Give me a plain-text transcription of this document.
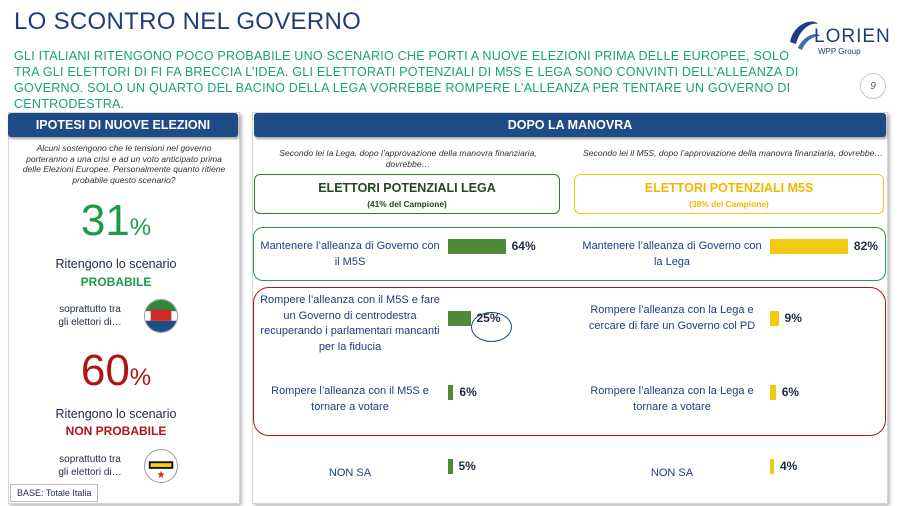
LO SCONTRO NEL GOVERNO
GLI ITALIANI RITENGONO POCO PROBABILE UNO SCENARIO CHE PORTI A NUOVE ELEZIONI PRIMA DELLE EUROPEE, SOLO TRA GLI ELETTORI DI FI FA BRECCIA L’IDEA. GLI ELETTORATI POTENZIALI DI M5S E LEGA SONO CONVINTI DELL’ALLEANZA DI GOVERNO. SOLO UN QUARTO DEL BACINO DELLA LEGA VORREBBE ROMPERE L’ALLEANZA PER TENTARE UN GOVERNO DI CENTRODESTRA.
LORIEN
WPP Group
9
IPOTESI DI NUOVE ELEZIONI
Alcuni sostengono che le tensioni nel governo porteranno a una crisi e ad un voto anticipato prima delle Elezioni Europee. Personalmente quanto ritiene probabile questo scenario?
31%
Ritengono lo scenario
PROBABILE
soprattutto tra
gli elettori di…
60%
Ritengono lo scenario
NON PROBABILE
soprattutto tra
gli elettori di…
BASE: Totale Italia
DOPO LA MANOVRA
Secondo lei la Lega, dopo l’approvazione della manovra finanziaria, dovrebbe…
Secondo lei il M5S, dopo l’approvazione della manovra finanziaria, dovrebbe…
ELETTORI POTENZIALI LEGA
(41% del Campione)
ELETTORI POTENZIALI M5S
(38% del Campione)
Mantenere l’alleanza di Governo con il M5S
Rompere l’alleanza con il M5S e fare un Governo di centrodestra recuperando i parlamentari mancanti per la fiducia
Rompere l’alleanza con il M5S e tornare a votare
NON SA
Mantenere l’alleanza di Governo con la Lega
Rompere l’alleanza con la Lega e cercare di fare un Governo col PD
Rompere l’alleanza con la Lega e tornare a votare
NON SA
64%
25%
6%
5%
82%
9%
6%
4%
